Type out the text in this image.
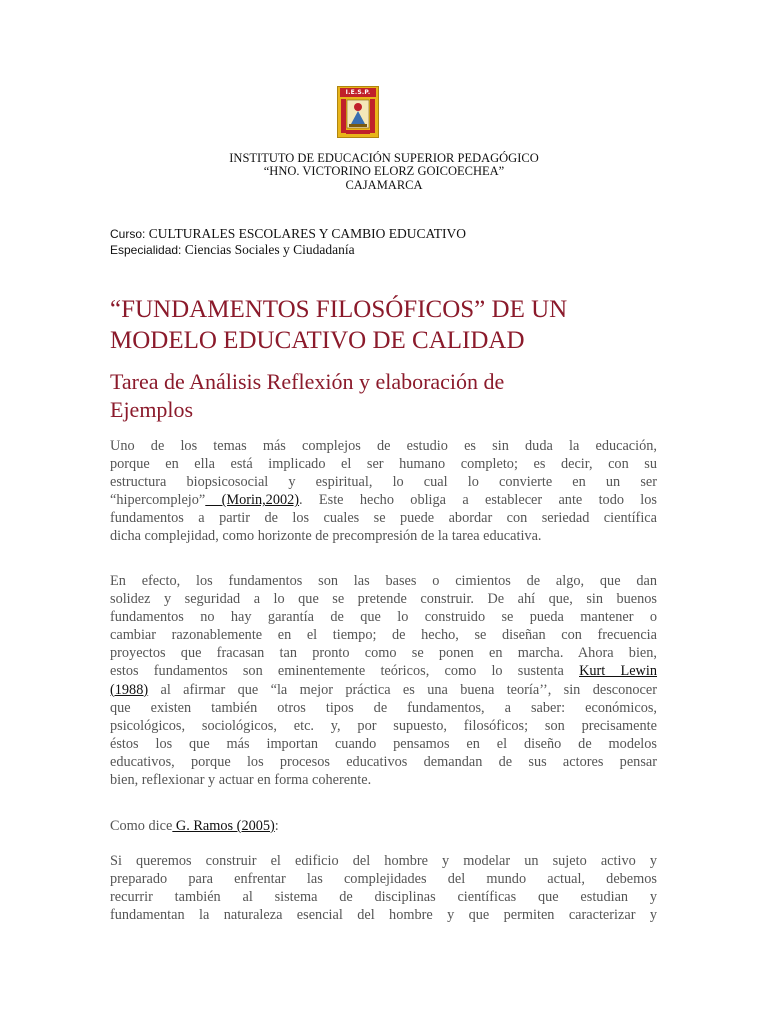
I.E.S.P.
INSTITUTO DE EDUCACIÓN SUPERIOR PEDAGÓGICO
“HNO. VICTORINO ELORZ GOICOECHEA”
CAJAMARCA
Curso: CULTURALES ESCOLARES Y CAMBIO EDUCATIVO
Especialidad: Ciencias Sociales y Ciudadanía
“FUNDAMENTOS FILOSÓFICOS” DE UN
MODELO EDUCATIVO DE CALIDAD
Tarea de Análisis Reflexión y elaboración de
Ejemplos
Uno de los temas más complejos de estudio es sin duda la educación,
porque en ella está implicado el ser humano completo; es decir, con su
estructura biopsicosocial y espiritual, lo cual lo convierte en un ser
“hipercomplejo” (Morin,2002). Este hecho obliga a establecer ante todo los
fundamentos a partir de los cuales se puede abordar con seriedad científica
dicha complejidad, como horizonte de precompresión de la tarea educativa.
En efecto, los fundamentos son las bases o cimientos de algo, que dan
solidez y seguridad a lo que se pretende construir. De ahí que, sin buenos
fundamentos no hay garantía de que lo construido se pueda mantener o
cambiar razonablemente en el tiempo; de hecho, se diseñan con frecuencia
proyectos que fracasan tan pronto como se ponen en marcha. Ahora bien,
estos fundamentos son eminentemente teóricos, como lo sustenta Kurt Lewin
(1988) al afirmar que “la mejor práctica es una buena teoría’’, sin desconocer
que existen también otros tipos de fundamentos, a saber: económicos,
psicológicos, sociológicos, etc. y, por supuesto, filosóficos; son precisamente
éstos los que más importan cuando pensamos en el diseño de modelos
educativos, porque los procesos educativos demandan de sus actores pensar
bien, reflexionar y actuar en forma coherente.
Como dice G. Ramos (2005):
Si queremos construir el edificio del hombre y modelar un sujeto activo y
preparado para enfrentar las complejidades del mundo actual, debemos
recurrir también al sistema de disciplinas científicas que estudian y
fundamentan la naturaleza esencial del hombre y que permiten caracterizar y
